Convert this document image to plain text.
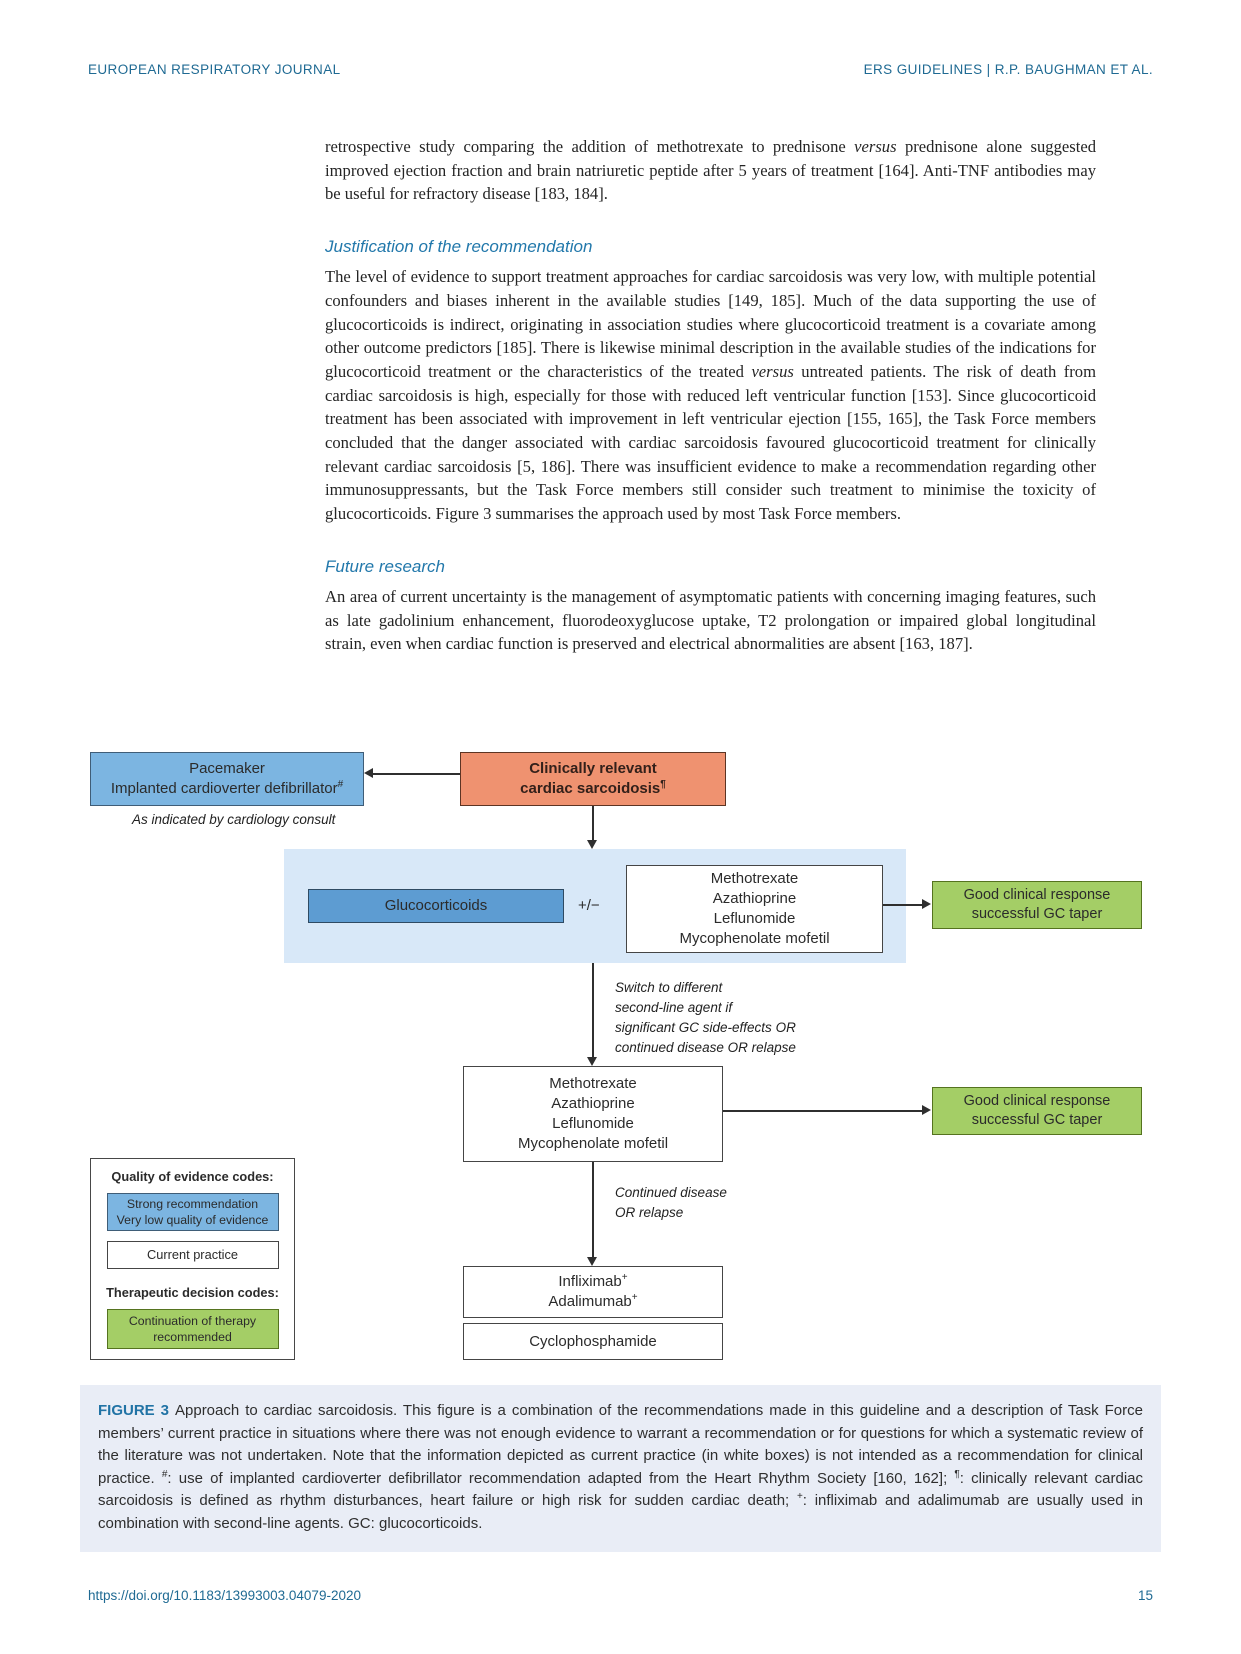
EUROPEAN RESPIRATORY JOURNAL	ERS GUIDELINES | R.P. BAUGHMAN ET AL.

retrospective study comparing the addition of methotrexate to prednisone versus prednisone alone suggested improved ejection fraction and brain natriuretic peptide after 5 years of treatment [164]. Anti-TNF antibodies may be useful for refractory disease [183, 184].

Justification of the recommendation

The level of evidence to support treatment approaches for cardiac sarcoidosis was very low, with multiple potential confounders and biases inherent in the available studies [149, 185]. Much of the data supporting the use of glucocorticoids is indirect, originating in association studies where glucocorticoid treatment is a covariate among other outcome predictors [185]. There is likewise minimal description in the available studies of the indications for glucocorticoid treatment or the characteristics of the treated versus untreated patients. The risk of death from cardiac sarcoidosis is high, especially for those with reduced left ventricular function [153]. Since glucocorticoid treatment has been associated with improvement in left ventricular ejection [155, 165], the Task Force members concluded that the danger associated with cardiac sarcoidosis favoured glucocorticoid treatment for clinically relevant cardiac sarcoidosis [5, 186]. There was insufficient evidence to make a recommendation regarding other immunosuppressants, but the Task Force members still consider such treatment to minimise the toxicity of glucocorticoids. Figure 3 summarises the approach used by most Task Force members.

Future research

An area of current uncertainty is the management of asymptomatic patients with concerning imaging features, such as late gadolinium enhancement, fluorodeoxyglucose uptake, T2 prolongation or impaired global longitudinal strain, even when cardiac function is preserved and electrical abnormalities are absent [163, 187].

Pacemaker
Implanted cardioverter defibrillator#
Clinically relevant
cardiac sarcoidosis¶
As indicated by cardiology consult
Glucocorticoids	+/−
Methotrexate
Azathioprine
Leflunomide
Mycophenolate mofetil
Good clinical response
successful GC taper
Switch to different
second-line agent if
significant GC side-effects OR
continued disease OR relapse
Methotrexate
Azathioprine
Leflunomide
Mycophenolate mofetil
Good clinical response
successful GC taper
Continued disease
OR relapse
Infliximab+
Adalimumab+
Cyclophosphamide
Quality of evidence codes:
Strong recommendation
Very low quality of evidence
Current practice
Therapeutic decision codes:
Continuation of therapy
recommended
FIGURE 3 Approach to cardiac sarcoidosis. This figure is a combination of the recommendations made in this guideline and a description of Task Force members’ current practice in situations where there was not enough evidence to warrant a recommendation or for questions for which a systematic review of the literature was not undertaken. Note that the information depicted as current practice (in white boxes) is not intended as a recommendation for clinical practice. #: use of implanted cardioverter defibrillator recommendation adapted from the Heart Rhythm Society [160, 162]; ¶: clinically relevant cardiac sarcoidosis is defined as rhythm disturbances, heart failure or high risk for sudden cardiac death; +: infliximab and adalimumab are usually used in combination with second-line agents. GC: glucocorticoids.
https://doi.org/10.1183/13993003.04079-2020	15
